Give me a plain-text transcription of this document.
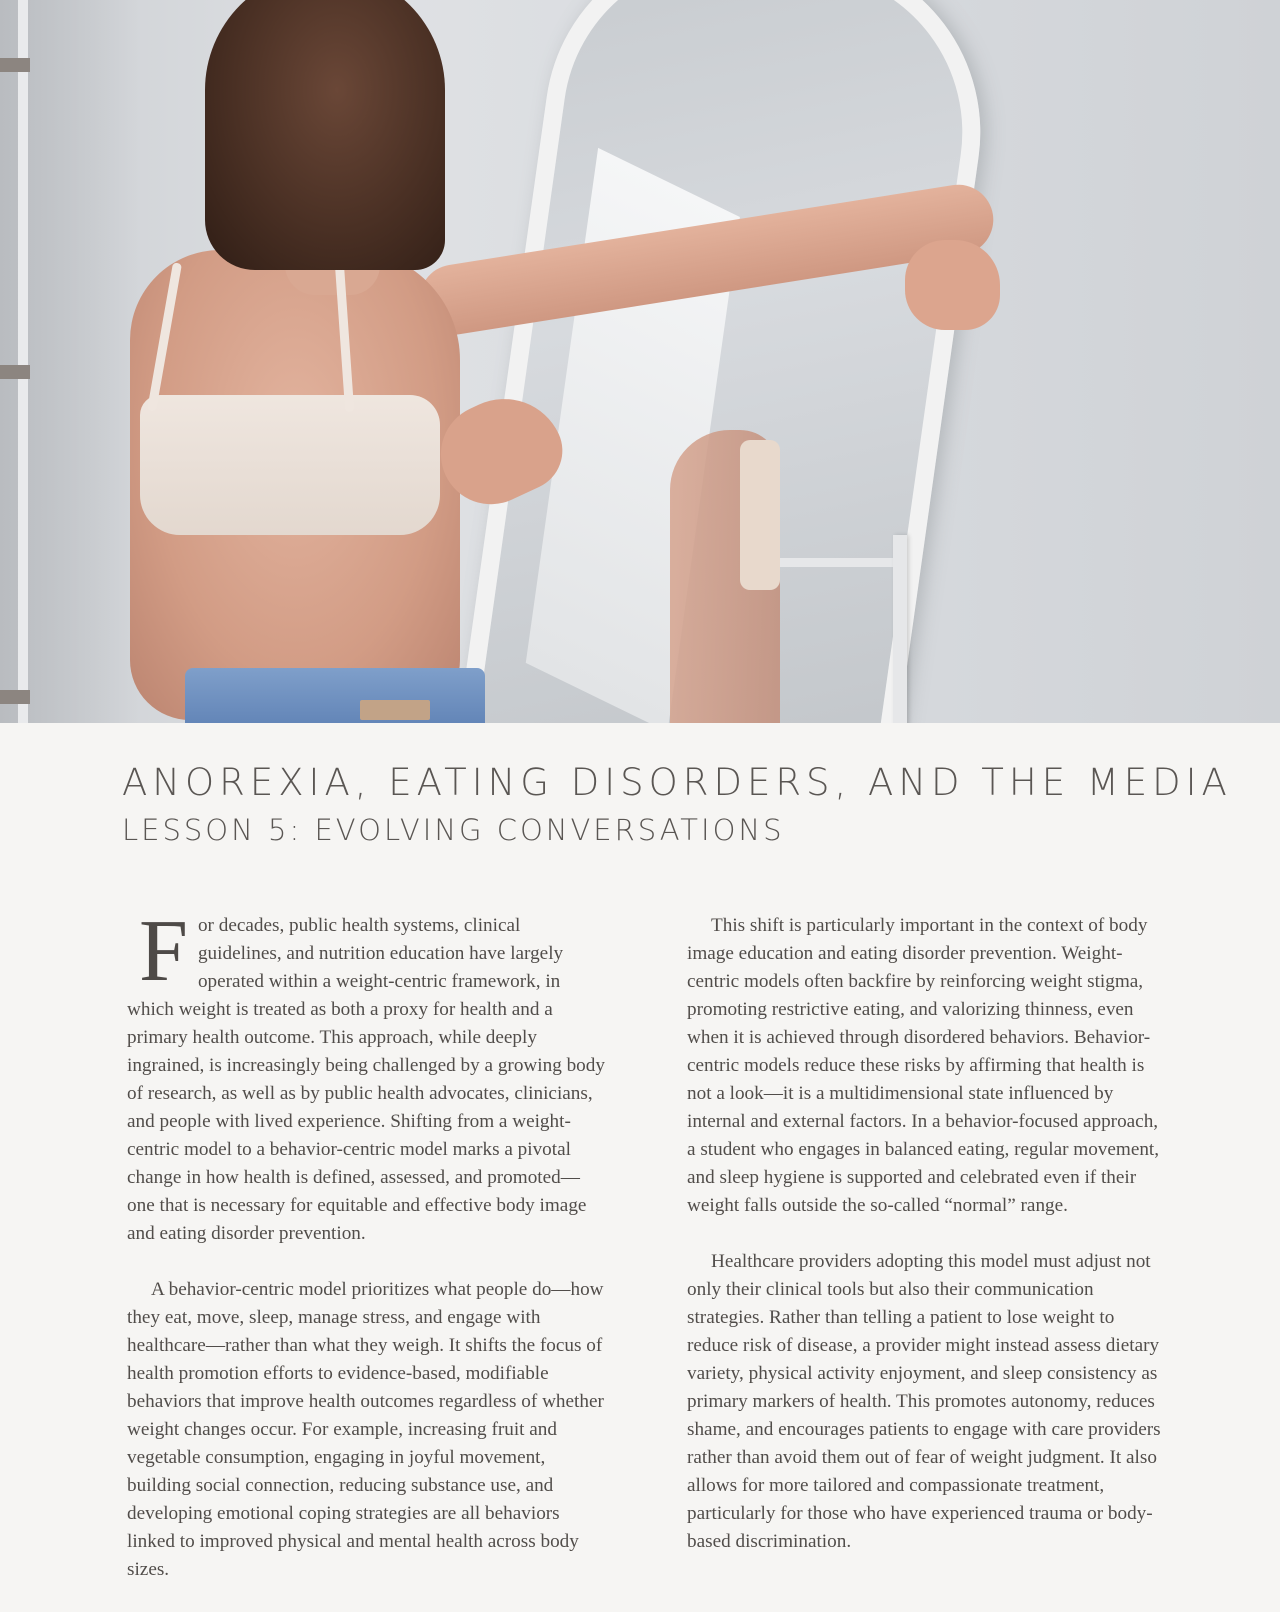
ANOREXIA, EATING DISORDERS, AND THE MEDIA
LESSON 5: EVOLVING CONVERSATIONS

For decades, public health systems, clinical guidelines, and nutrition education have largely operated within a weight-centric framework, in which weight is treated as both a proxy for health and a primary health outcome. This approach, while deeply ingrained, is increasingly being challenged by a growing body of research, as well as by public health advocates, clinicians, and people with lived experience. Shifting from a weight-centric model to a behavior-centric model marks a pivotal change in how health is defined, assessed, and promoted—one that is necessary for equitable and effective body image and eating disorder prevention.

A behavior-centric model prioritizes what people do—how they eat, move, sleep, manage stress, and engage with healthcare—rather than what they weigh. It shifts the focus of health promotion efforts to evidence-based, modifiable behaviors that improve health outcomes regardless of whether weight changes occur. For example, increasing fruit and vegetable consumption, engaging in joyful movement, building social connection, reducing substance use, and developing emotional coping strategies are all behaviors linked to improved physical and mental health across body sizes.

This shift is particularly important in the context of body image education and eating disorder prevention. Weight-centric models often backfire by reinforcing weight stigma, promoting restrictive eating, and valorizing thinness, even when it is achieved through disordered behaviors. Behavior-centric models reduce these risks by affirming that health is not a look—it is a multidimensional state influenced by internal and external factors. In a behavior-focused approach, a student who engages in balanced eating, regular movement, and sleep hygiene is supported and celebrated even if their weight falls outside the so-called “normal” range.

Healthcare providers adopting this model must adjust not only their clinical tools but also their communication strategies. Rather than telling a patient to lose weight to reduce risk of disease, a provider might instead assess dietary variety, physical activity enjoyment, and sleep consistency as primary markers of health. This promotes autonomy, reduces shame, and encourages patients to engage with care providers rather than avoid them out of fear of weight judgment. It also allows for more tailored and compassionate treatment, particularly for those who have experienced trauma or body-based discrimination.
